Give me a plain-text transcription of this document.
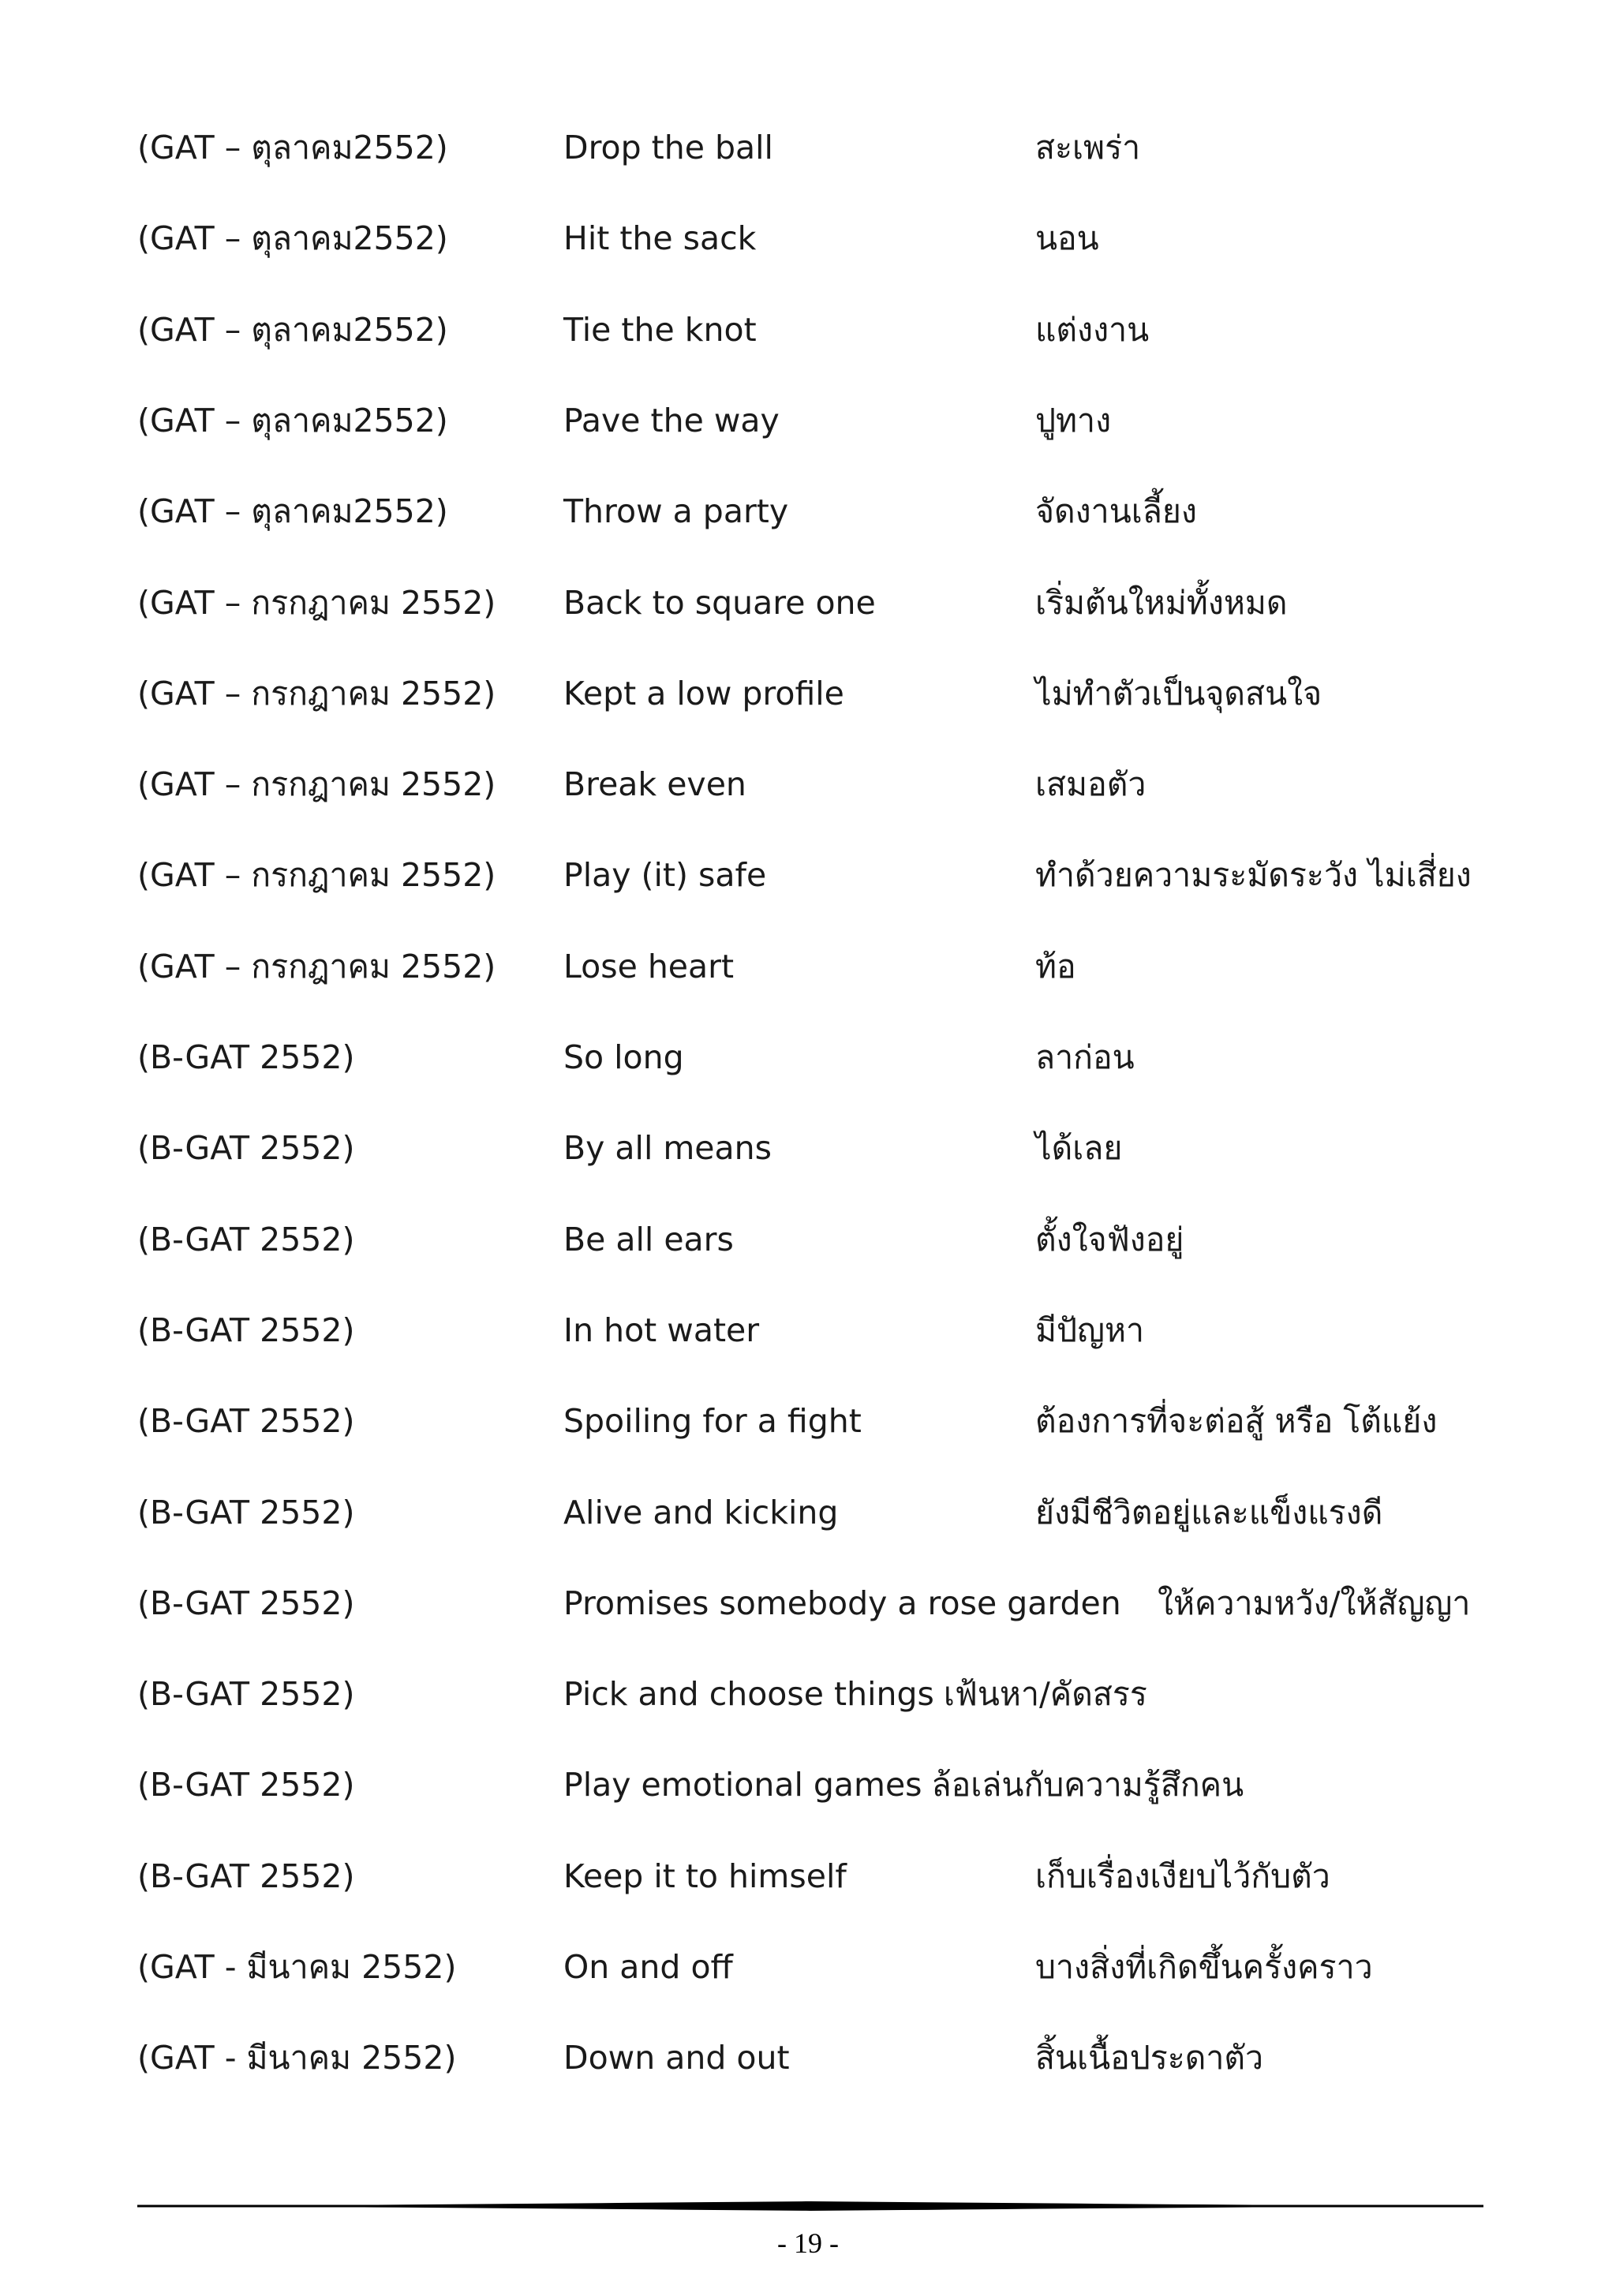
(GAT – ตุลาคม2552)	Drop the ball	สะเพร่า
(GAT – ตุลาคม2552)	Hit the sack	นอน
(GAT – ตุลาคม2552)	Tie the knot	แต่งงาน
(GAT – ตุลาคม2552)	Pave the way	ปูทาง
(GAT – ตุลาคม2552)	Throw a party	จัดงานเลี้ยง
(GAT – กรกฎาคม 2552) Back to square one	เริ่มต้นใหม่ทั้งหมด
(GAT – กรกฎาคม 2552) Kept a low profile	ไม่ทำตัวเป็นจุดสนใจ
(GAT – กรกฎาคม 2552) Break even	เสมอตัว
(GAT – กรกฎาคม 2552) Play (it) safe	ทำด้วยความระมัดระวัง ไม่เสี่ยง
(GAT – กรกฎาคม 2552) Lose heart	ท้อ
(B-GAT 2552)	So long	ลาก่อน
(B-GAT 2552)	By all means	ได้เลย
(B-GAT 2552)	Be all ears	ตั้งใจฟังอยู่
(B-GAT 2552)	In hot water	มีปัญหา
(B-GAT 2552)	Spoiling for a fight	ต้องการที่จะต่อสู้ หรือ โต้แย้ง
(B-GAT 2552)	Alive and kicking	ยังมีชีวิตอยู่และแข็งแรงดี
(B-GAT 2552)	Promises somebody a rose garden ให้ความหวัง/ให้สัญญา
(B-GAT 2552)	Pick and choose things เฟ้นหา/คัดสรร
(B-GAT 2552)	Play emotional games ล้อเล่นกับความรู้สึกคน
(B-GAT 2552)	Keep it to himself	เก็บเรื่องเงียบไว้กับตัว
(GAT - มีนาคม 2552)	On and off	บางสิ่งที่เกิดขึ้นครั้งคราว
(GAT - มีนาคม 2552)	Down and out	สิ้นเนื้อประดาตัว
- 19 -
